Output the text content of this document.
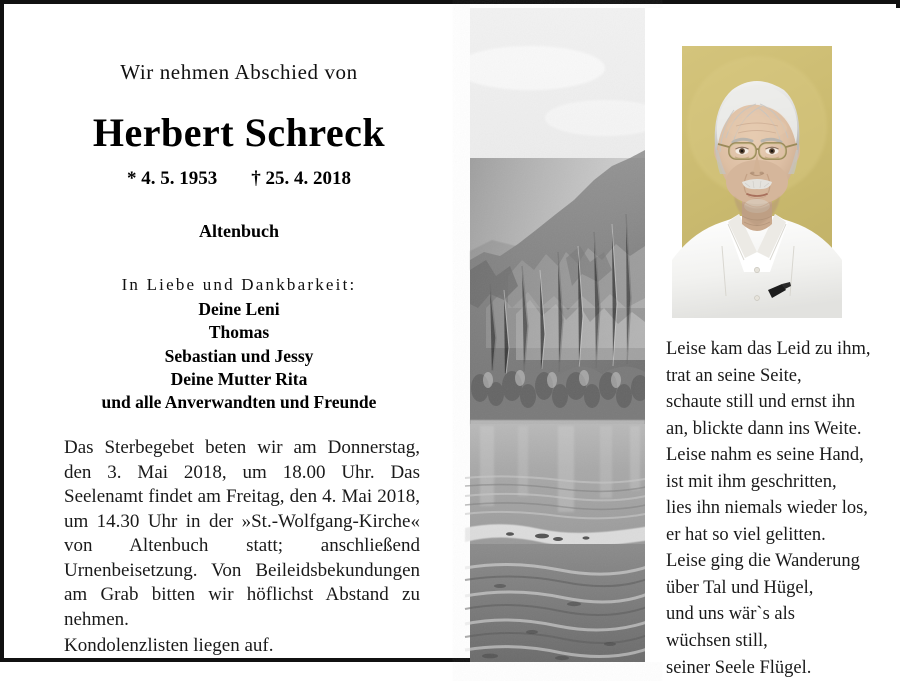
Wir nehmen Abschied von
Herbert Schreck
* 4. 5. 1953 † 25. 4. 2018
Altenbuch
In Liebe und Dankbarkeit:
Deine Leni
Thomas
Sebastian und Jessy
Deine Mutter Rita
und alle Anverwandten und Freunde

Das Sterbegebet beten wir am Donnerstag, den 3. Mai 2018, um 18.00 Uhr. Das Seelenamt findet am Freitag, den 4. Mai 2018, um 14.30 Uhr in der »St.-Wolfgang-Kirche« von Altenbuch statt; anschließend Urnenbeisetzung. Von Beileidsbekundungen am Grab bitten wir höflichst Abstand zu nehmen.

Kondolenzlisten liegen auf.

Leise kam das Leid zu ihm,
trat an seine Seite,
schaute still und ernst ihn
an, blickte dann ins Weite.
Leise nahm es seine Hand,
ist mit ihm geschritten,
lies ihn niemals wieder los,
er hat so viel gelitten.
Leise ging die Wanderung
über Tal und Hügel,
und uns wär`s als
wüchsen still,
seiner Seele Flügel.
